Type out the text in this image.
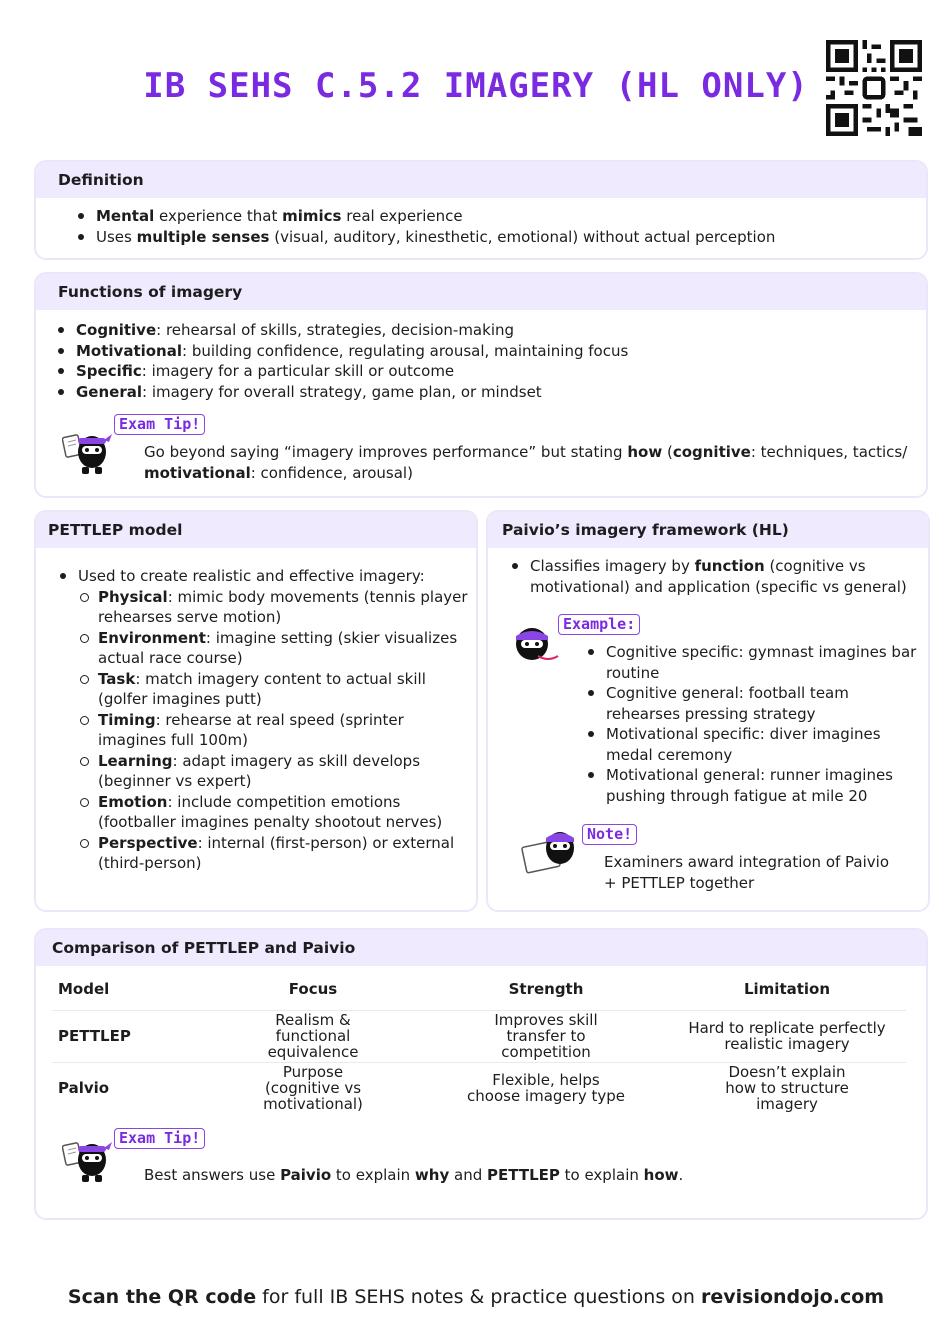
IB SEHS C.5.2 IMAGERY (HL ONLY)
Definition
Mental experience that mimics real experience
Uses multiple senses (visual, auditory, kinesthetic, emotional) without actual perception
Functions of imagery
Cognitive: rehearsal of skills, strategies, decision-making
Motivational: building confidence, regulating arousal, maintaining focus
Specific: imagery for a particular skill or outcome
General: imagery for overall strategy, game plan, or mindset
Exam Tip!
Go beyond saying “imagery improves performance” but stating how (cognitive: techniques, tactics/ motivational: confidence, arousal)
PETTLEP model
Used to create realistic and effective imagery:
Physical: mimic body movements (tennis player rehearses serve motion)
Environment: imagine setting (skier visualizes actual race course)
Task: match imagery content to actual skill (golfer imagines putt)
Timing: rehearse at real speed (sprinter imagines full 100m)
Learning: adapt imagery as skill develops (beginner vs expert)
Emotion: include competition emotions (footballer imagines penalty shootout nerves)
Perspective: internal (first-person) or external (third-person)
Paivio’s imagery framework (HL)
Classifies imagery by function (cognitive vs motivational) and application (specific vs general)
Example:
Cognitive specific: gymnast imagines bar routine
Cognitive general: football team rehearses pressing strategy
Motivational specific: diver imagines medal ceremony
Motivational general: runner imagines pushing through fatigue at mile 20
Note!
Examiners award integration of Paivio + PETTLEP together
Comparison of PETTLEP and Paivio
Model	Focus	Strength	Limitation
PETTLEP	Realism & functional equivalence	Improves skill transfer to competition	Hard to replicate perfectly realistic imagery
Palvio	Purpose (cognitive vs motivational)	Flexible, helps choose imagery type	Doesn’t explain how to structure imagery
Exam Tip!
Best answers use Paivio to explain why and PETTLEP to explain how.
Scan the QR code for full IB SEHS notes & practice questions on revisiondojo.com
